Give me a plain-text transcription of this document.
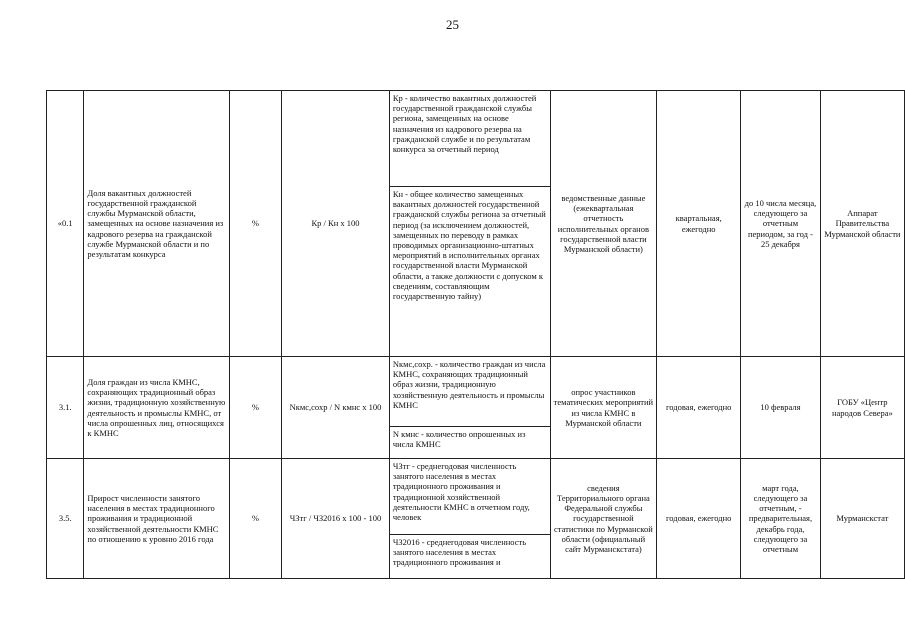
25
«0.1	Доля вакантных должностей государственной гражданской службы Мурманской области, замещенных на основе назначения из кадрового резерва на гражданской службе Мурманской области и по результатам конкурса	%	Кр / Кн х 100	Кр - количество вакантных должностей государственной гражданской службы региона, замещенных на основе назначения из кадрового резерва на гражданской службе и по результатам конкурса за отчетный период	ведомственные данные (ежеквартальная отчетность исполнительных органов государственной власти Мурманской области)	квартальная, ежегодно	до 10 числа месяца, следующего за отчетным периодом, за год - 25 декабря	Аппарат Правительства Мурманской области
				Кн - общее количество замещенных вакантных должностей государственной гражданской службы региона за отчетный период (за исключением должностей, замещенных по переводу в рамках проводимых организационно-штатных мероприятий в исполнительных органах государственной власти Мурманской области, а также должности с допуском к сведениям, составляющим государственную тайну)				
3.1.	Доля граждан из числа КМНС, сохраняющих традиционный образ жизни, традиционную хозяйственную деятельность и промыслы КМНС, от числа опрошенных лиц, относящихся к КМНС	%	Nкмс,сохр / N кмнс х 100	Nкмс,сохр. - количество граждан из числа КМНС, сохраняющих традиционный образ жизни, традиционную хозяйственную деятельность и промыслы КМНС	опрос участников тематических мероприятий из числа КМНС в Мурманской области	годовая, ежегодно	10 февраля	ГОБУ «Центр народов Севера»
				N кмнс - количество опрошенных из числа КМНС				
3.5.	Прирост численности занятого населения в местах традиционного проживания и традиционной хозяйственной деятельности КМНС по отношению к уровню 2016 года	%	ЧЗтг / ЧЗ2016 х 100 - 100	ЧЗтг - среднегодовая численность занятого населения в местах традиционного проживания и традиционной хозяйственной деятельности КМНС в отчетном году, человек	сведения Территориального органа Федеральной службы государственной статистики по Мурманской области (официальный сайт Мурманскстата)	годовая, ежегодно	март года, следующего за отчетным, - предварительная, декабрь года, следующего за отчетным	Мурманскстат
				ЧЗ2016 - среднегодовая численность занятого населения в местах традиционного проживания и				
